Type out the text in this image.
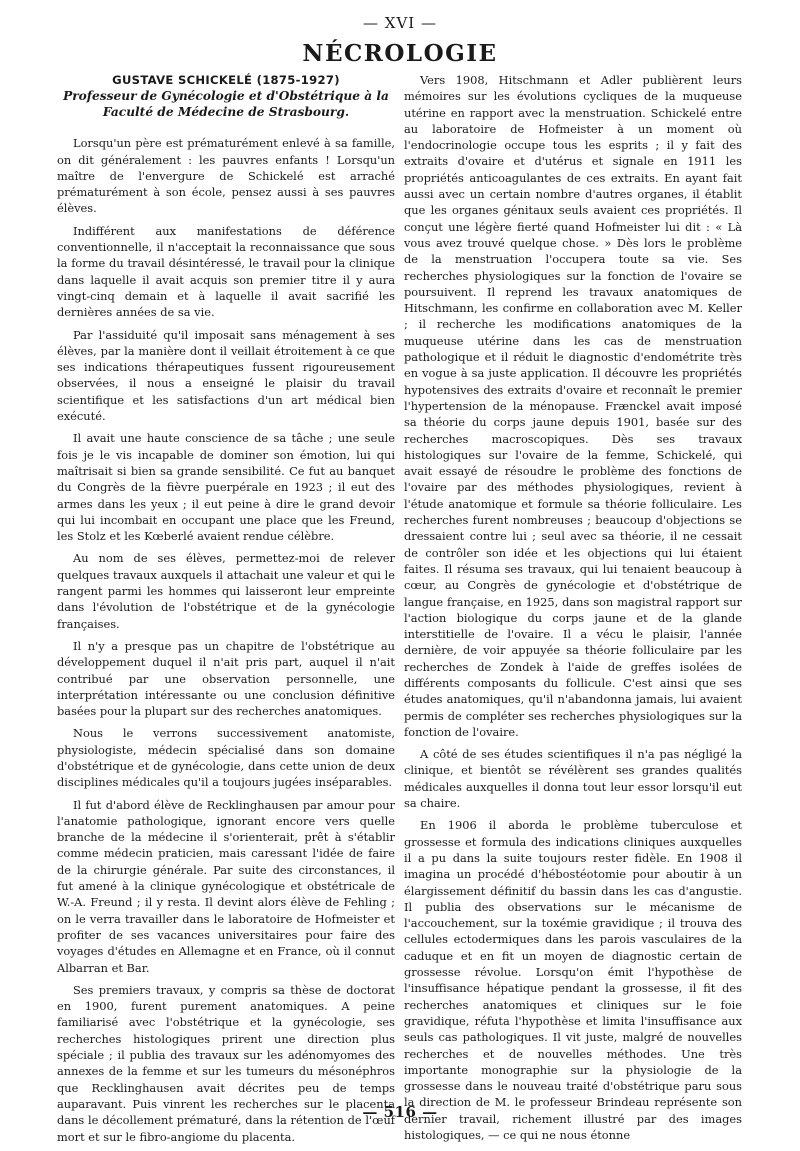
— XVI —
NÉCROLOGIE

GUSTAVE SCHICKELÉ (1875-1927)

Professeur de Gynécologie et d'Obstétrique à la Faculté de Médecine de Strasbourg.

Lorsqu'un père est prématurément enlevé à sa famille, on dit généralement : les pauvres enfants ! Lorsqu'un maître de l'envergure de Schickelé est arraché prématurément à son école, pensez aussi à ses pauvres élèves.

Indifférent aux manifestations de déférence conventionnelle, il n'acceptait la reconnaissance que sous la forme du travail désintéressé, le travail pour la clinique dans laquelle il avait acquis son premier titre il y aura vingt-cinq demain et à laquelle il avait sacrifié les dernières années de sa vie.

Par l'assiduité qu'il imposait sans ménagement à ses élèves, par la manière dont il veillait étroitement à ce que ses indications thérapeutiques fussent rigoureusement observées, il nous a enseigné le plaisir du travail scientifique et les satisfactions d'un art médical bien exécuté.

Il avait une haute conscience de sa tâche ; une seule fois je le vis incapable de dominer son émotion, lui qui maîtrisait si bien sa grande sensibilité. Ce fut au banquet du Congrès de la fièvre puerpérale en 1923 ; il eut des armes dans les yeux ; il eut peine à dire le grand devoir qui lui incombait en occupant une place que les Freund, les Stolz et les Kœberlé avaient rendue célèbre.

Au nom de ses élèves, permettez-moi de relever quelques travaux auxquels il attachait une valeur et qui le rangent parmi les hommes qui laisseront leur empreinte dans l'évolution de l'obstétrique et de la gynécologie françaises.

Il n'y a presque pas un chapitre de l'obstétrique au développement duquel il n'ait pris part, auquel il n'ait contribué par une observation personnelle, une interprétation intéressante ou une conclusion définitive basées pour la plupart sur des recherches anatomiques.

Nous le verrons successivement anatomiste, physiologiste, médecin spécialisé dans son domaine d'obstétrique et de gynécologie, dans cette union de deux disciplines médicales qu'il a toujours jugées inséparables.

Il fut d'abord élève de Recklinghausen par amour pour l'anatomie pathologique, ignorant encore vers quelle branche de la médecine il s'orienterait, prêt à s'établir comme médecin praticien, mais caressant l'idée de faire de la chirurgie générale. Par suite des circonstances, il fut amené à la clinique gynécologique et obstétricale de W.-A. Freund ; il y resta. Il devint alors élève de Fehling ; on le verra travailler dans le laboratoire de Hofmeister et profiter de ses vacances universitaires pour faire des voyages d'études en Allemagne et en France, où il connut Albarran et Bar.

Ses premiers travaux, y compris sa thèse de doctorat en 1900, furent purement anatomiques. A peine familiarisé avec l'obstétrique et la gynécologie, ses recherches histologiques prirent une direction plus spéciale ; il publia des travaux sur les adénomyomes des annexes de la femme et sur les tumeurs du mésonéphros que Recklinghausen avait décrites peu de temps auparavant. Puis vinrent les recherches sur le placenta dans le décollement prématuré, dans la rétention de l'œuf mort et sur le fibro-angiome du placenta.

Vers 1908, Hitschmann et Adler publièrent leurs mémoires sur les évolutions cycliques de la muqueuse utérine en rapport avec la menstruation. Schickelé entre au laboratoire de Hofmeister à un moment où l'endocrinologie occupe tous les esprits ; il y fait des extraits d'ovaire et d'utérus et signale en 1911 les propriétés anticoagulantes de ces extraits. En ayant fait aussi avec un certain nombre d'autres organes, il établit que les organes génitaux seuls avaient ces propriétés. Il conçut une légère fierté quand Hofmeister lui dit : « Là vous avez trouvé quelque chose. » Dès lors le problème de la menstruation l'occupera toute sa vie. Ses recherches physiologiques sur la fonction de l'ovaire se poursuivent. Il reprend les travaux anatomiques de Hitschmann, les confirme en collaboration avec M. Keller ; il recherche les modifications anatomiques de la muqueuse utérine dans les cas de menstruation pathologique et il réduit le diagnostic d'endométrite très en vogue à sa juste application. Il découvre les propriétés hypotensives des extraits d'ovaire et reconnaît le premier l'hypertension de la ménopause. Frænckel avait imposé sa théorie du corps jaune depuis 1901, basée sur des recherches macroscopiques. Dès ses travaux histologiques sur l'ovaire de la femme, Schickelé, qui avait essayé de résoudre le problème des fonctions de l'ovaire par des méthodes physiologiques, revient à l'étude anatomique et formule sa théorie folliculaire. Les recherches furent nombreuses ; beaucoup d'objections se dressaient contre lui ; seul avec sa théorie, il ne cessait de contrôler son idée et les objections qui lui étaient faites. Il résuma ses travaux, qui lui tenaient beaucoup à cœur, au Congrès de gynécologie et d'obstétrique de langue française, en 1925, dans son magistral rapport sur l'action biologique du corps jaune et de la glande interstitielle de l'ovaire. Il a vécu le plaisir, l'année dernière, de voir appuyée sa théorie folliculaire par les recherches de Zondek à l'aide de greffes isolées de différents composants du follicule. C'est ainsi que ses études anatomiques, qu'il n'abandonna jamais, lui avaient permis de compléter ses recherches physiologiques sur la fonction de l'ovaire.

A côté de ses études scientifiques il n'a pas négligé la clinique, et bientôt se révélèrent ses grandes qualités médicales auxquelles il donna tout leur essor lorsqu'il eut sa chaire.

En 1906 il aborda le problème tuberculose et grossesse et formula des indications cliniques auxquelles il a pu dans la suite toujours rester fidèle. En 1908 il imagina un procédé d'hébostéotomie pour aboutir à un élargissement définitif du bassin dans les cas d'angustie. Il publia des observations sur le mécanisme de l'accouchement, sur la toxémie gravidique ; il trouva des cellules ectodermiques dans les parois vasculaires de la caduque et en fit un moyen de diagnostic certain de grossesse révolue. Lorsqu'on émit l'hypothèse de l'insuffisance hépatique pendant la grossesse, il fit des recherches anatomiques et cliniques sur le foie gravidique, réfuta l'hypothèse et limita l'insuffisance aux seuls cas pathologiques. Il vit juste, malgré de nouvelles recherches et de nouvelles méthodes. Une très importante monographie sur la physiologie de la grossesse dans le nouveau traité d'obstétrique paru sous la direction de M. le professeur Brindeau représente son dernier travail, richement illustré par des images histologiques, — ce qui ne nous étonne

— 516 —
